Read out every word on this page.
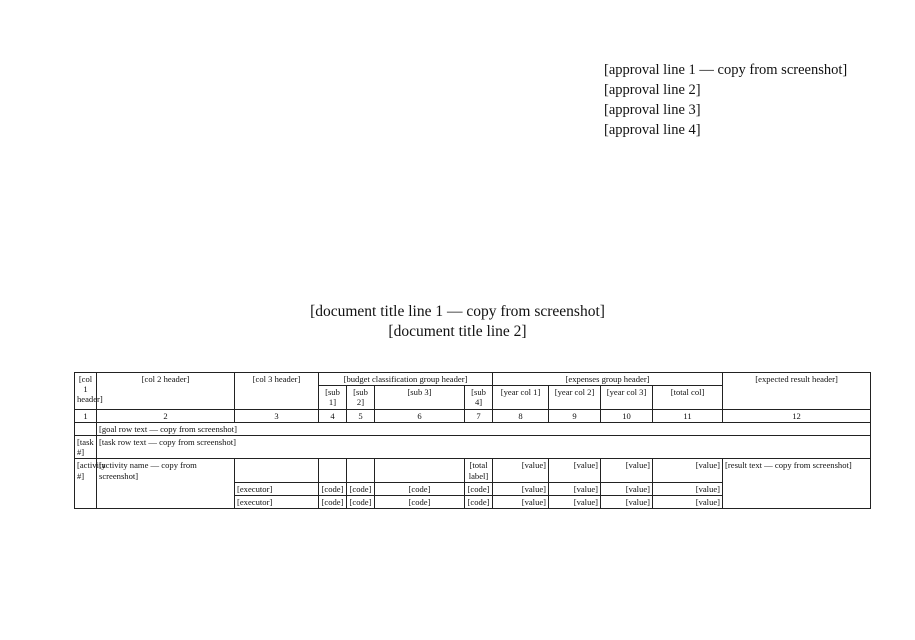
[approval line 1 — copy from screenshot]
[approval line 2]
[approval line 3]
[approval line 4]
[document title line 1 — copy from screenshot]
[document title line 2]
[col 1 header]	[col 2 header]	[col 3 header]	[budget classification group header]				[expenses group header]				[expected result header]
			[sub 1]	[sub 2]	[sub 3]	[sub 4]	[year col 1]	[year col 2]	[year col 3]	[total col]	
1	2	3	4	5	6	7	8	9	10	11	12
	[goal row text — copy from screenshot]										
[task #]	[task row text — copy from screenshot]										
[activity #]	[activity name — copy from screenshot]					[total label]	[value]	[value]	[value]	[value]	[result text — copy from screenshot]
		[executor]	[code]	[code]	[code]	[code]	[value]	[value]	[value]	[value]	
		[executor]	[code]	[code]	[code]	[code]	[value]	[value]	[value]	[value]	
